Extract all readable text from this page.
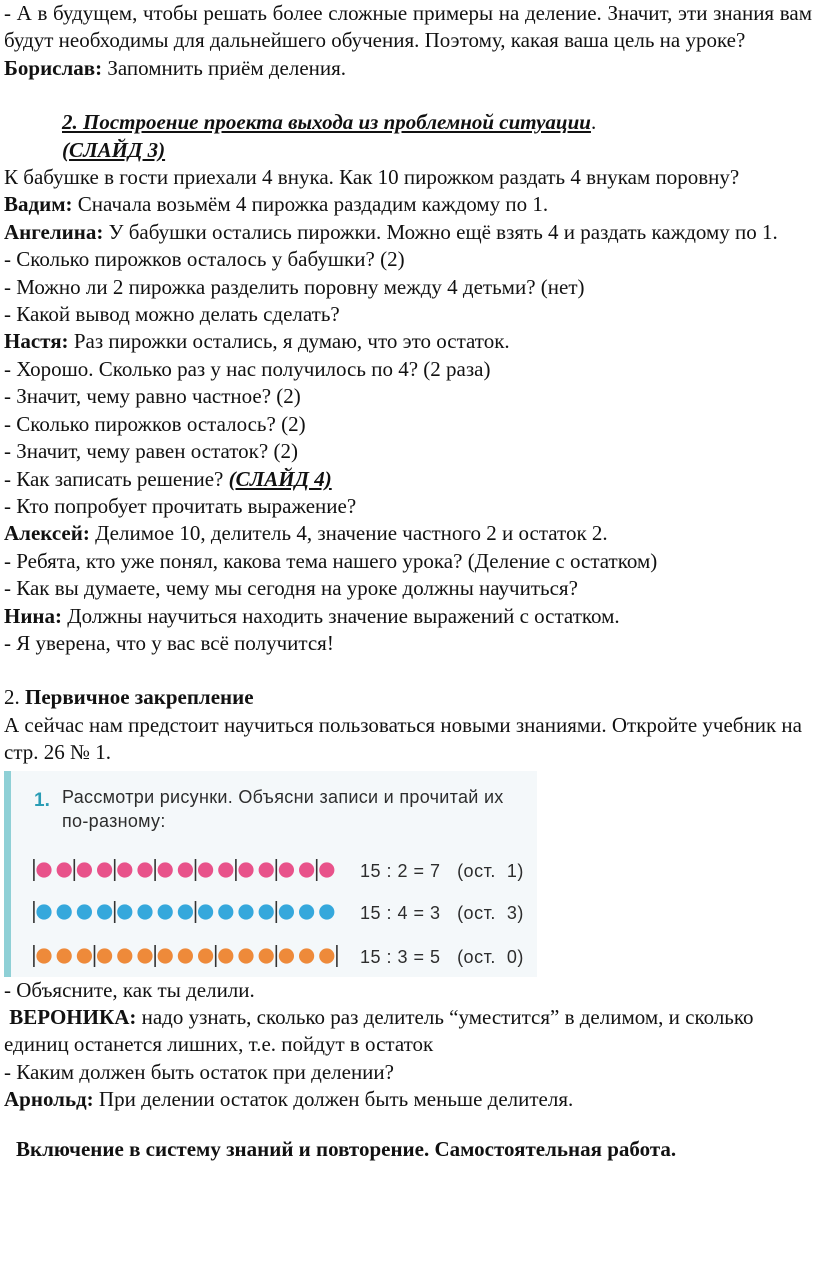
- А в будущем, чтобы решать более сложные примеры на деление. Значит, эти знания вам будут необходимы для дальнейшего обучения. Поэтому, какая ваша цель на уроке?

Борислав: Запомнить приём деления.

2. Построение проекта выхода из проблемной ситуации.

(СЛАЙД 3)

К бабушке в гости приехали 4 внука. Как 10 пирожком раздать 4 внукам поровну?

Вадим: Сначала возьмём 4 пирожка раздадим каждому по 1.

Ангелина: У бабушки остались пирожки. Можно ещё взять 4 и раздать каждому по 1.

- Сколько пирожков осталось у бабушки? (2)

- Можно ли 2 пирожка разделить поровну между 4 детьми? (нет)

- Какой вывод можно делать сделать?

Настя: Раз пирожки остались, я думаю, что это остаток.

- Хорошо. Сколько раз у нас получилось по 4? (2 раза)

- Значит, чему равно частное? (2)

- Сколько пирожков осталось? (2)

- Значит, чему равен остаток? (2)

- Как записать решение? (СЛАЙД 4)

- Кто попробует прочитать выражение?

Алексей: Делимое 10, делитель 4, значение частного 2 и остаток 2.

- Ребята, кто уже понял, какова тема нашего урока? (Деление с остатком)

- Как вы думаете, чему мы сегодня на уроке должны научиться?

Нина: Должны научиться находить значение выражений с остатком.

- Я уверена, что у вас всё получится!

2. Первичное закрепление

А сейчас нам предстоит научиться пользоваться новыми знаниями. Откройте учебник на стр. 26 № 1.

1. Рассмотри рисунки. Объясни записи и прочитай их по-разному:
15 : 2 = 7   (ост.  1)
15 : 4 = 3   (ост.  3)
15 : 3 = 5   (ост.  0)

- Объясните, как ты делили.

ВЕРОНИКА: надо узнать, сколько раз делитель “уместится” в делимом, и сколько единиц останется лишних, т.е. пойдут в остаток

- Каким должен быть остаток при делении?

Арнольд: При делении остаток должен быть меньше делителя.

Включение в систему знаний и повторение. Самостоятельная работа.
